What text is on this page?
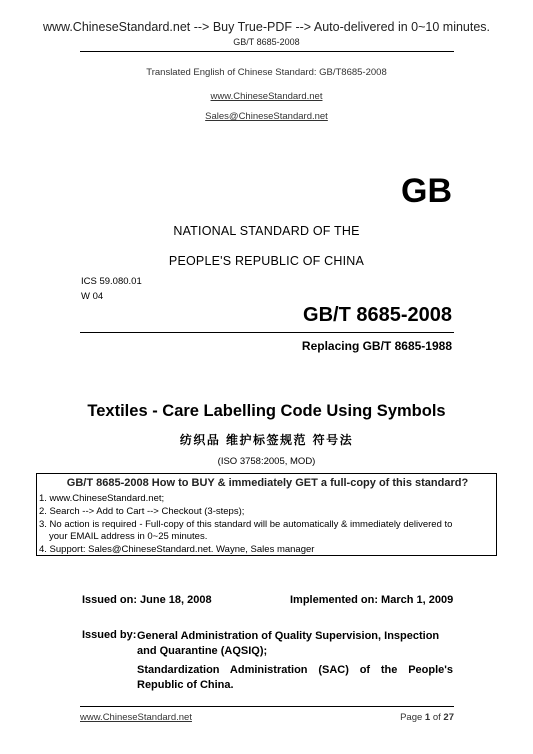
www.ChineseStandard.net --> Buy True-PDF --> Auto-delivered in 0~10 minutes.
GB/T 8685-2008
Translated English of Chinese Standard: GB/T8685-2008
www.ChineseStandard.net
Sales@ChineseStandard.net
GB
NATIONAL STANDARD OF THE
PEOPLE'S REPUBLIC OF CHINA
ICS 59.080.01
W 04
GB/T 8685-2008
Replacing GB/T 8685-1988
Textiles - Care Labelling Code Using Symbols
纺织品 维护标签规范 符号法
(ISO 3758:2005, MOD)
GB/T 8685-2008 How to BUY & immediately GET a full-copy of this standard?
1. www.ChineseStandard.net;
2. Search --> Add to Cart --> Checkout (3-steps);
3. No action is required - Full-copy of this standard will be automatically & immediately delivered to
your EMAIL address in 0~25 minutes.
4. Support: Sales@ChineseStandard.net. Wayne, Sales manager
Issued on: June 18, 2008	Implemented on: March 1, 2009
Issued by: General Administration of Quality Supervision, Inspection and Quarantine (AQSIQ);
Standardization Administration (SAC) of the People's Republic of China.
www.ChineseStandard.net	Page 1 of 27
